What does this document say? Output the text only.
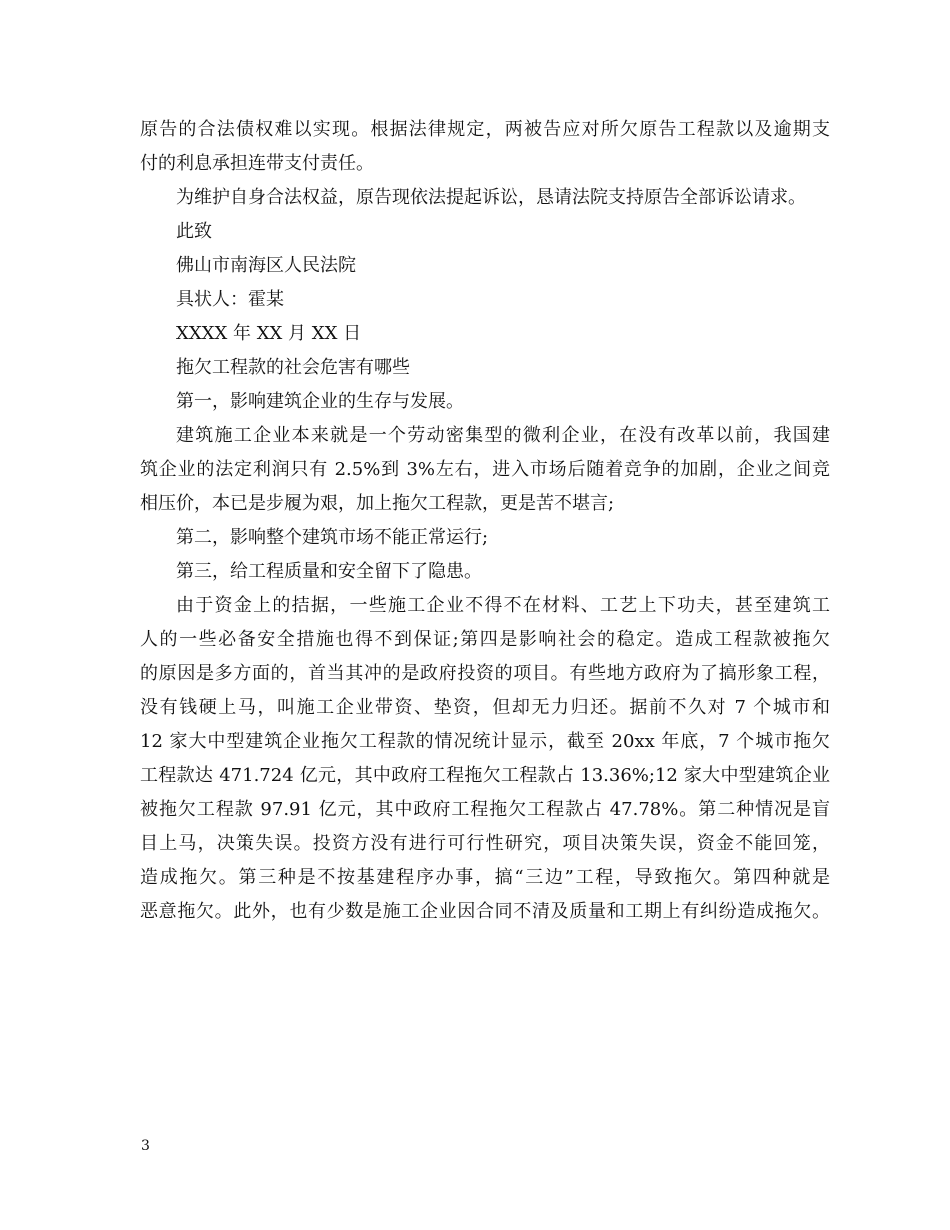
原告的合法债权难以实现。根据法律规定，两被告应对所欠原告工程款以及逾期支
付的利息承担连带支付责任。
为维护自身合法权益，原告现依法提起诉讼，恳请法院支持原告全部诉讼请求。
此致
佛山市南海区人民法院
具状人：霍某
XXXX 年 XX 月 XX 日
拖欠工程款的社会危害有哪些
第一，影响建筑企业的生存与发展。
建筑施工企业本来就是一个劳动密集型的微利企业，在没有改革以前，我国建
筑企业的法定利润只有 2.5%到 3%左右，进入市场后随着竞争的加剧，企业之间竞
相压价，本已是步履为艰，加上拖欠工程款，更是苦不堪言;
第二，影响整个建筑市场不能正常运行;
第三，给工程质量和安全留下了隐患。
由于资金上的拮据，一些施工企业不得不在材料、工艺上下功夫，甚至建筑工
人的一些必备安全措施也得不到保证;第四是影响社会的稳定。造成工程款被拖欠
的原因是多方面的，首当其冲的是政府投资的项目。有些地方政府为了搞形象工程，
没有钱硬上马，叫施工企业带资、垫资，但却无力归还。据前不久对 7 个城市和
12 家大中型建筑企业拖欠工程款的情况统计显示，截至 20xx 年底，7 个城市拖欠
工程款达 471.724 亿元，其中政府工程拖欠工程款占 13.36%;12 家大中型建筑企业
被拖欠工程款 97.91 亿元，其中政府工程拖欠工程款占 47.78%。第二种情况是盲
目上马，决策失误。投资方没有进行可行性研究，项目决策失误，资金不能回笼，
造成拖欠。第三种是不按基建程序办事，搞“三边”工程，导致拖欠。第四种就是
恶意拖欠。此外，也有少数是施工企业因合同不清及质量和工期上有纠纷造成拖欠。
3
